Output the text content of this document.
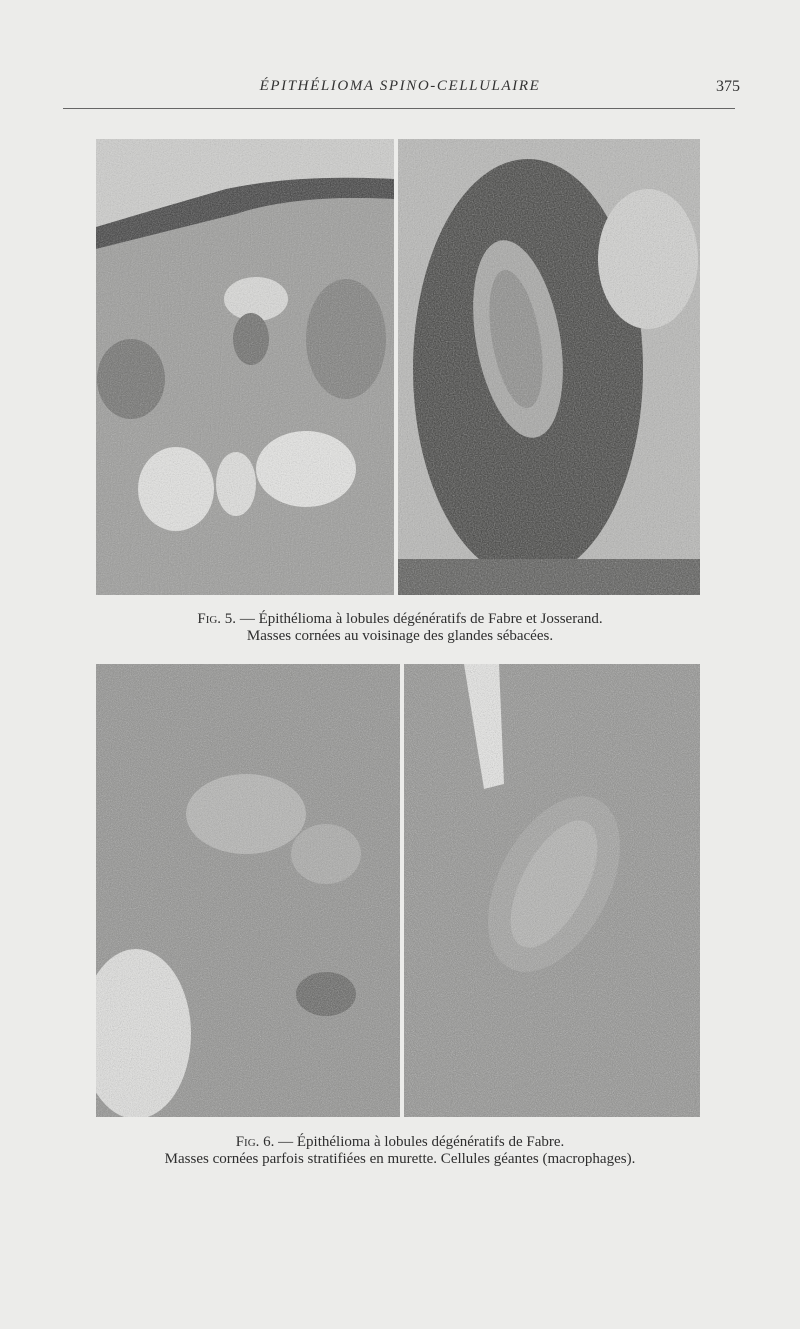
ÉPITHÉLIOMA SPINO-CELLULAIRE	375
Fig. 5. — Épithélioma à lobules dégénératifs de Fabre et Josserand.
Masses cornées au voisinage des glandes sébacées.
Fig. 6. — Épithélioma à lobules dégénératifs de Fabre.
Masses cornées parfois stratifiées en murette. Cellules géantes (macrophages).
